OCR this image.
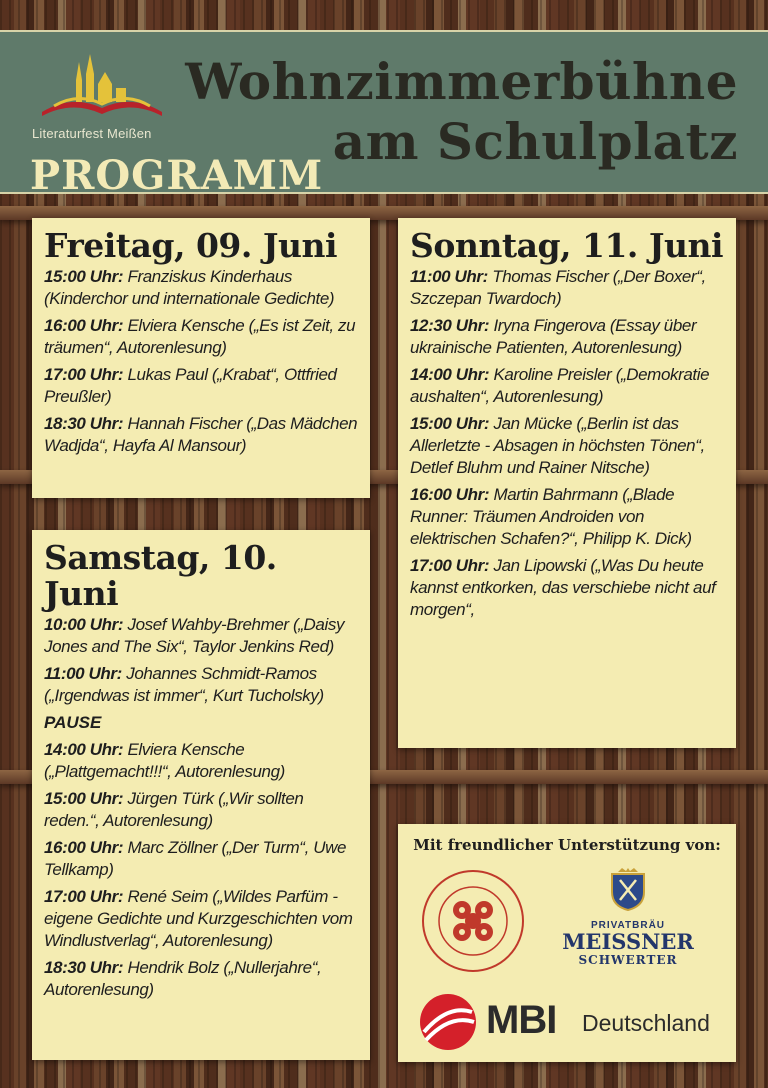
Literaturfest Meißen
PROGRAMM
Wohnzimmerbühne
am Schulplatz
Freitag, 09. Juni
15:00 Uhr: Franziskus Kinderhaus (Kinderchor und internationale Gedichte)
16:00 Uhr: Elviera Kensche („Es ist Zeit, zu träumen“, Autorenlesung)
17:00 Uhr: Lukas Paul („Krabat“, Ottfried Preußler)
18:30 Uhr: Hannah Fischer („Das Mädchen Wadjda“, Hayfa Al Mansour)
Samstag, 10. Juni
10:00 Uhr: Josef Wahby-Brehmer („Daisy Jones and The Six“, Taylor Jenkins Red)
11:00 Uhr: Johannes Schmidt-Ramos („Irgendwas ist immer“, Kurt Tucholsky)
PAUSE
14:00 Uhr: Elviera Kensche („Plattgemacht!!!“, Autorenlesung)
15:00 Uhr: Jürgen Türk („Wir sollten reden.“, Autorenlesung)
16:00 Uhr: Marc Zöllner („Der Turm“, Uwe Tellkamp)
17:00 Uhr: René Seim („Wildes Parfüm - eigene Gedichte und Kurzgeschichten vom Windlustverlag“, Autorenlesung)
18:30 Uhr: Hendrik Bolz („Nullerjahre“, Autorenlesung)
Sonntag, 11. Juni
11:00 Uhr: Thomas Fischer („Der Boxer“, Szczepan Twardoch)
12:30 Uhr: Iryna Fingerova (Essay über ukrainische Patienten, Autorenlesung)
14:00 Uhr: Karoline Preisler („Demokratie aushalten“, Autorenlesung)
15:00 Uhr: Jan Mücke („Berlin ist das Allerletzte - Absagen in höchsten Tönen“, Detlef Bluhm und Rainer Nitsche)
16:00 Uhr: Martin Bahrmann („Blade Runner: Träumen Androiden von elektrischen Schafen?“, Philipp K. Dick)
17:00 Uhr: Jan Lipowski („Was Du heute kannst entkorken, das verschiebe nicht auf morgen“,
Mit freundlicher Unterstützung von:
PRIVATBRÄU
MEISSNER
SCHWERTER
MBI Deutschland
